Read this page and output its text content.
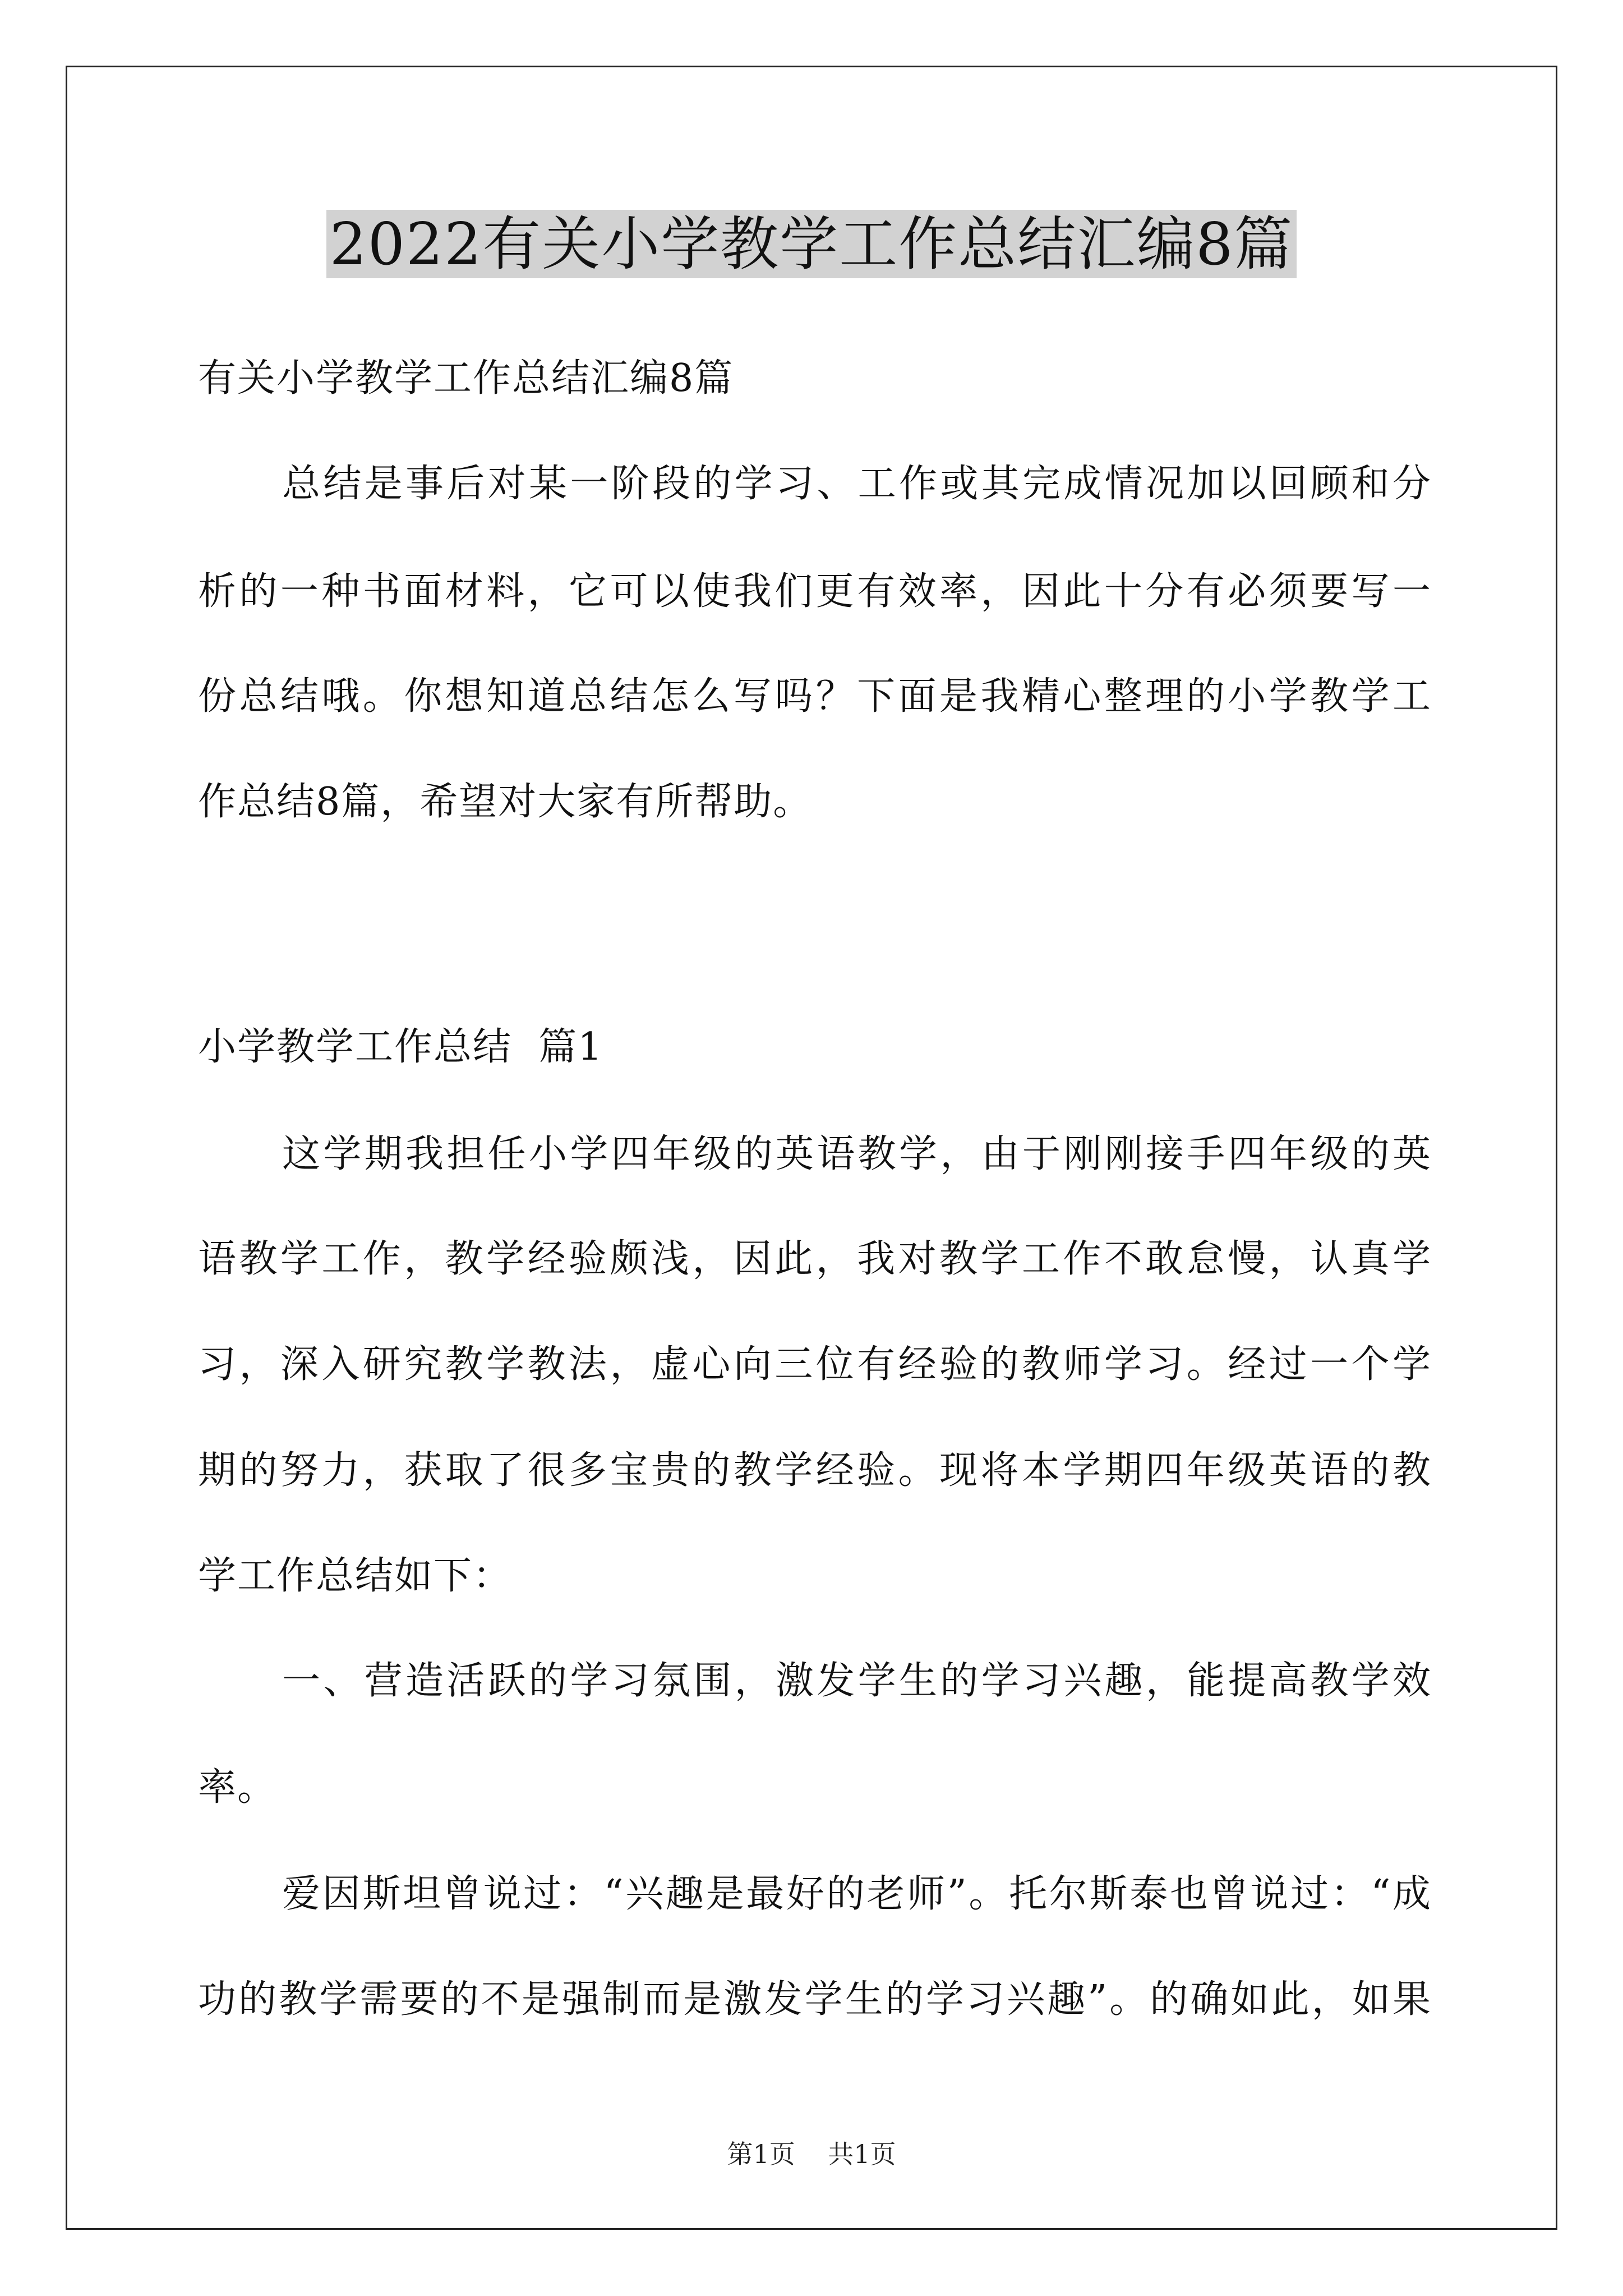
2022有关小学教学工作总结汇编8篇
有关小学教学工作总结汇编8篇
总结是事后对某一阶段的学习、工作或其完成情况加以回顾和分
析的一种书面材料，它可以使我们更有效率，因此十分有必须要写一
份总结哦。你想知道总结怎么写吗？下面是我精心整理的小学教学工
作总结8篇，希望对大家有所帮助。
小学教学工作总结  篇1
这学期我担任小学四年级的英语教学，由于刚刚接手四年级的英
语教学工作，教学经验颇浅，因此，我对教学工作不敢怠慢，认真学
习，深入研究教学教法，虚心向三位有经验的教师学习。经过一个学
期的努力，获取了很多宝贵的教学经验。现将本学期四年级英语的教
学工作总结如下：
一、营造活跃的学习氛围，激发学生的学习兴趣，能提高教学效
率。
爱因斯坦曾说过：“兴趣是最好的老师”。托尔斯泰也曾说过：“成
功的教学需要的不是强制而是激发学生的学习兴趣”。的确如此，如果
第1页    共1页
